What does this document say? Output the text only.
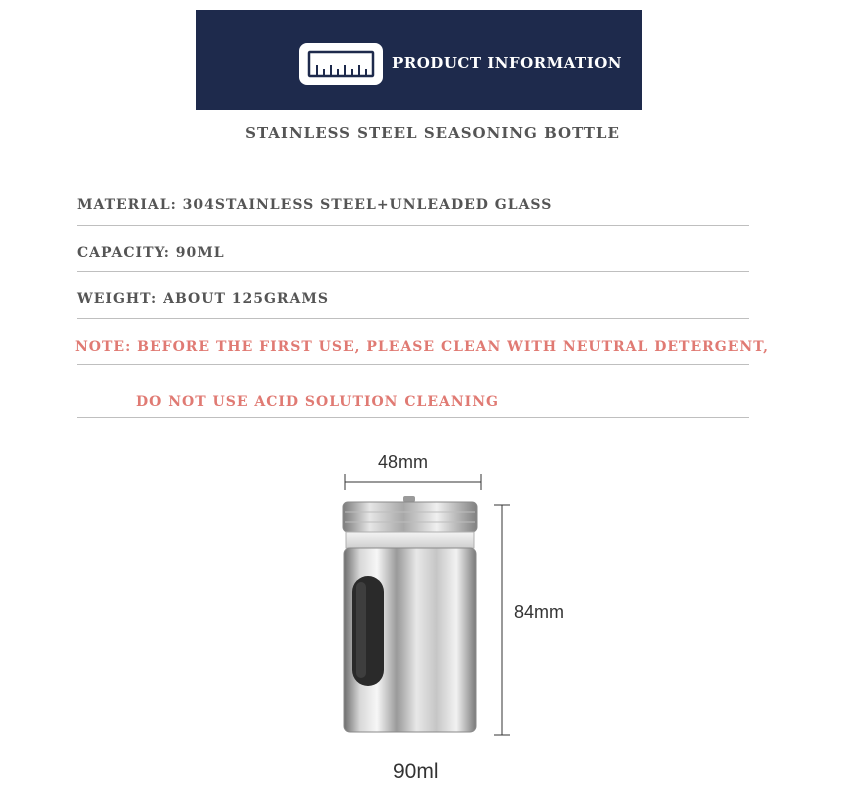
PRODUCT INFORMATION
STAINLESS STEEL SEASONING BOTTLE
MATERIAL: 304STAINLESS STEEL+UNLEADED GLASS
CAPACITY: 90ML
WEIGHT: ABOUT 125GRAMS
NOTE: BEFORE THE FIRST USE, PLEASE CLEAN WITH NEUTRAL DETERGENT,
DO NOT USE ACID SOLUTION CLEANING
48mm
84mm
90ml
